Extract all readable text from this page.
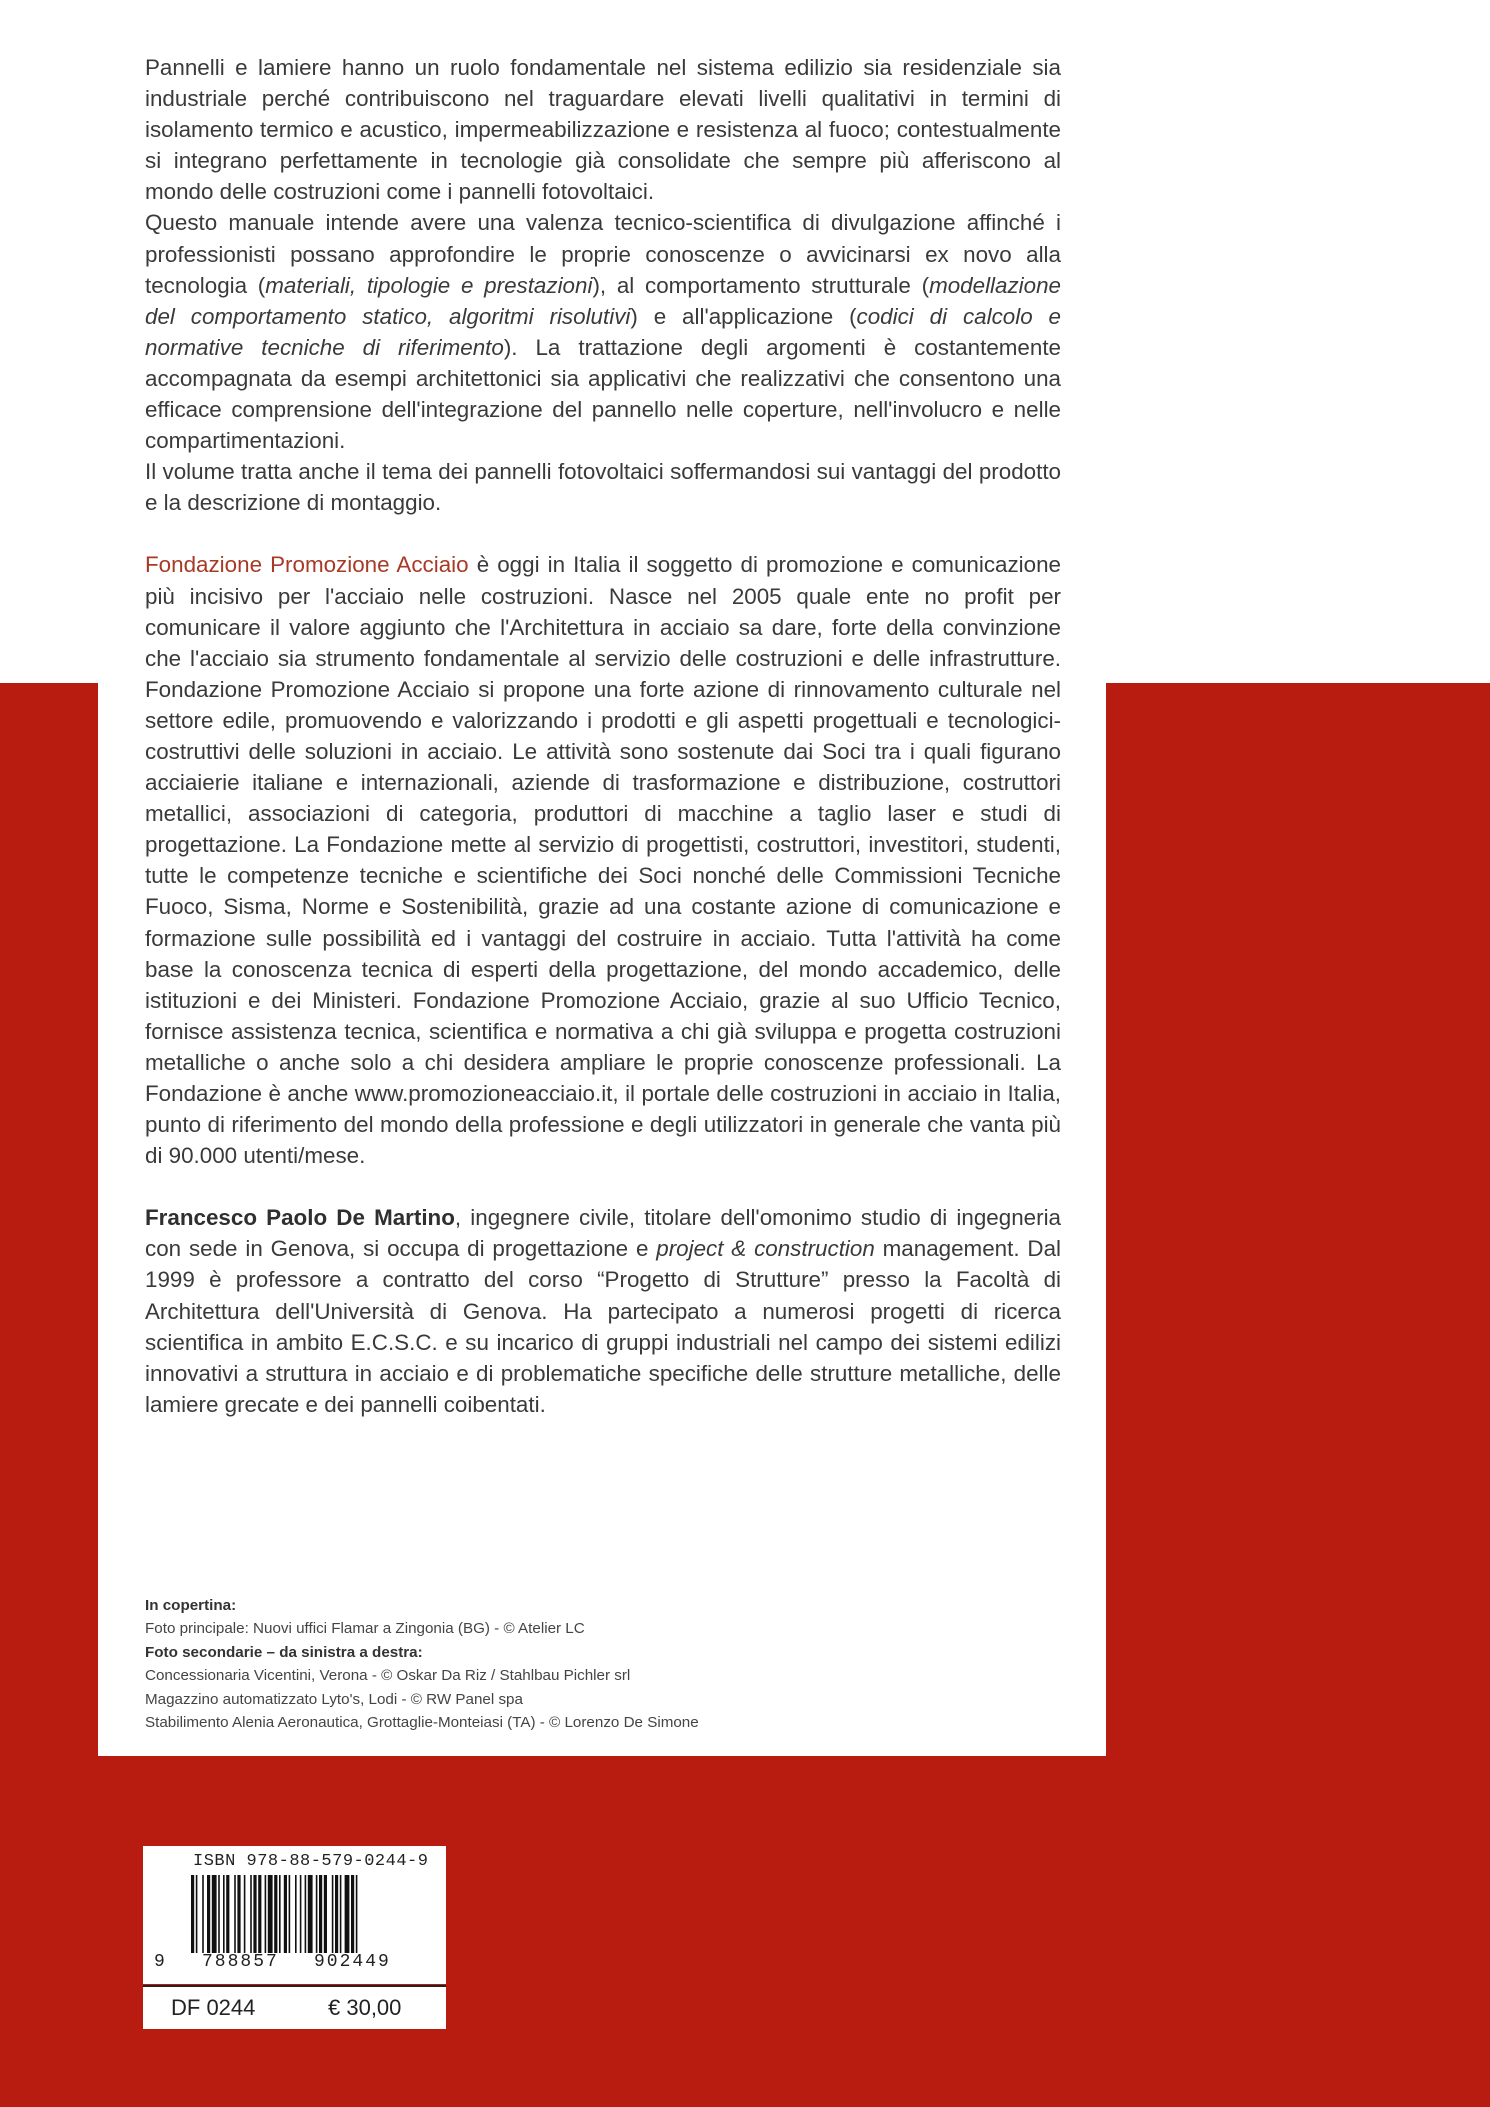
Pannelli e lamiere hanno un ruolo fondamentale nel sistema edilizio sia residenziale sia industriale perché contribuiscono nel traguardare elevati livelli qualitativi in termini di isolamento termico e acustico, impermeabilizzazione e resistenza al fuoco; contestualmente si integrano perfettamente in tecnologie già consolidate che sempre più afferiscono al mondo delle costruzioni come i pannelli fotovoltaici.

Questo manuale intende avere una valenza tecnico-scientifica di divulgazione affinché i professionisti possano approfondire le proprie conoscenze o avvicinarsi ex novo alla tecnologia (materiali, tipologie e prestazioni), al comportamento strutturale (modellazione del comportamento statico, algoritmi risolutivi) e all'applicazione (codici di calcolo e normative tecniche di riferimento). La trattazione degli argomenti è costantemente accompagnata da esempi architettonici sia applicativi che realizzativi che consentono una efficace comprensione dell'integrazione del pannello nelle coperture, nell'involucro e nelle compartimentazioni.

Il volume tratta anche il tema dei pannelli fotovoltaici soffermandosi sui vantaggi del prodotto e la descrizione di montaggio.

Fondazione Promozione Acciaio è oggi in Italia il soggetto di promozione e comunicazione più incisivo per l'acciaio nelle costruzioni. Nasce nel 2005 quale ente no profit per comunicare il valore aggiunto che l'Architettura in acciaio sa dare, forte della convinzione che l'acciaio sia strumento fondamentale al servizio delle costruzioni e delle infrastrutture. Fondazione Promozione Acciaio si propone una forte azione di rinnovamento culturale nel settore edile, promuovendo e valorizzando i prodotti e gli aspetti progettuali e tecnologici-costruttivi delle soluzioni in acciaio. Le attività sono sostenute dai Soci tra i quali figurano acciaierie italiane e internazionali, aziende di trasformazione e distribuzione, costruttori metallici, associazioni di categoria, produttori di macchine a taglio laser e studi di progettazione. La Fondazione mette al servizio di progettisti, costruttori, investitori, studenti, tutte le competenze tecniche e scientifiche dei Soci nonché delle Commissioni Tecniche Fuoco, Sisma, Norme e Sostenibilità, grazie ad una costante azione di comunicazione e formazione sulle possibilità ed i vantaggi del costruire in acciaio. Tutta l'attività ha come base la conoscenza tecnica di esperti della progettazione, del mondo accademico, delle istituzioni e dei Ministeri. Fondazione Promozione Acciaio, grazie al suo Ufficio Tecnico, fornisce assistenza tecnica, scientifica e normativa a chi già sviluppa e progetta costruzioni metalliche o anche solo a chi desidera ampliare le proprie conoscenze professionali. La Fondazione è anche www.promozioneacciaio.it, il portale delle costruzioni in acciaio in Italia, punto di riferimento del mondo della professione e degli utilizzatori in generale che vanta più di 90.000 utenti/mese.

Francesco Paolo De Martino, ingegnere civile, titolare dell'omonimo studio di ingegneria con sede in Genova, si occupa di progettazione e project & construction management. Dal 1999 è professore a contratto del corso “Progetto di Strutture” presso la Facoltà di Architettura dell'Università di Genova. Ha partecipato a numerosi progetti di ricerca scientifica in ambito E.C.S.C. e su incarico di gruppi industriali nel campo dei sistemi edilizi innovativi a struttura in acciaio e di problematiche specifiche delle strutture metalliche, delle lamiere grecate e dei pannelli coibentati.

In copertina:
Foto principale: Nuovi uffici Flamar a Zingonia (BG) - © Atelier LC
Foto secondarie – da sinistra a destra:
Concessionaria Vicentini, Verona - © Oskar Da Riz / Stahlbau Pichler srl
Magazzino automatizzato Lyto's, Lodi - © RW Panel spa
Stabilimento Alenia Aeronautica, Grottaglie-Monteiasi (TA) - © Lorenzo De Simone
ISBN 978-88-579-0244-9
9 788857 902449
DF 0244	€ 30,00
